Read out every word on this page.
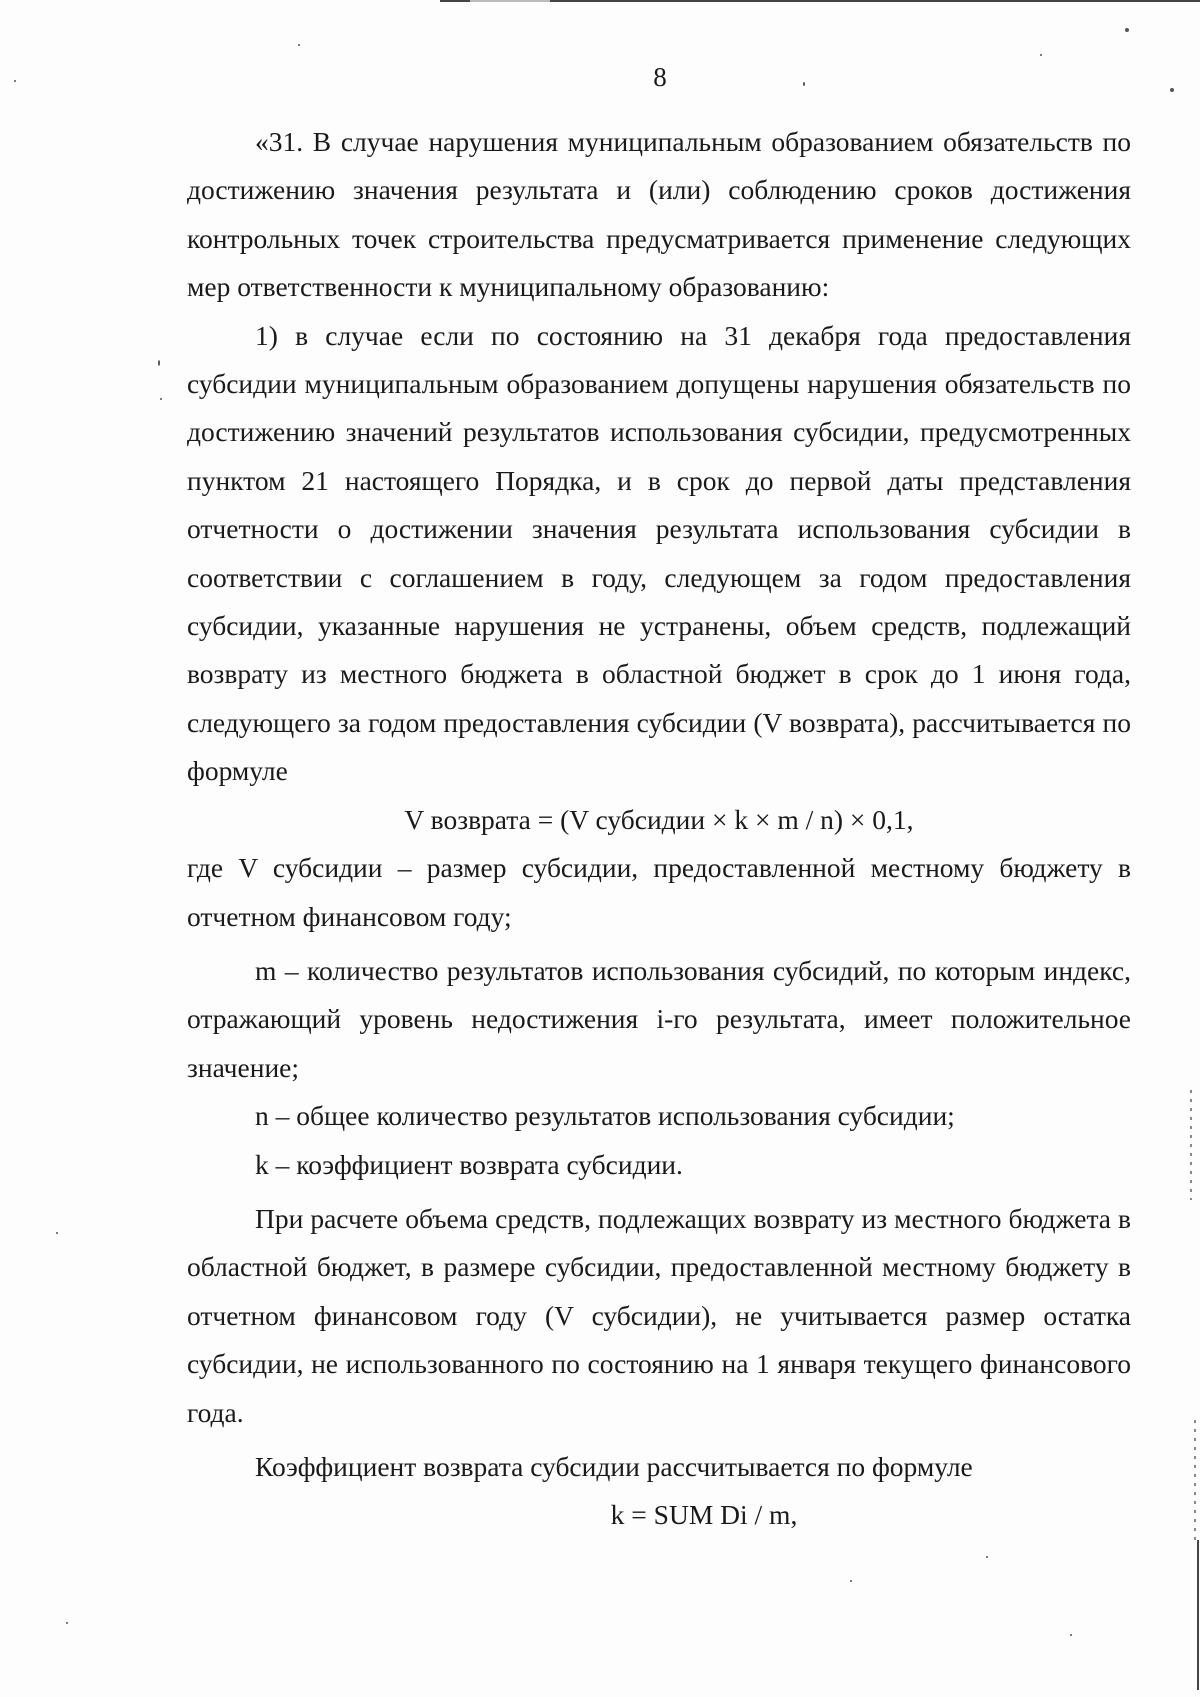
8

«31. В случае нарушения муниципальным образованием обязательств по достижению значения результата и (или) соблюдению сроков достижения контрольных точек строительства предусматривается применение следующих мер ответственности к муниципальному образованию:

1) в случае если по состоянию на 31 декабря года предоставления субсидии муниципальным образованием допущены нарушения обязательств по достижению значений результатов использования субсидии, предусмотренных пунктом 21 настоящего Порядка, и в срок до первой даты представления отчетности о достижении значения результата использования субсидии в соответствии с соглашением в году, следующем за годом предоставления субсидии, указанные нарушения не устранены, объем средств, подлежащий возврату из местного бюджета в областной бюджет в срок до 1 июня года, следующего за годом предоставления субсидии (V возврата), рассчитывается по формуле

V возврата = (V субсидии × k × m / n) × 0,1,

где V субсидии – размер субсидии, предоставленной местному бюджету в отчетном финансовом году;

m – количество результатов использования субсидий, по которым индекс, отражающий уровень недостижения i-го результата, имеет положительное значение;

n – общее количество результатов использования субсидии;

k – коэффициент возврата субсидии.

При расчете объема средств, подлежащих возврату из местного бюджета в областной бюджет, в размере субсидии, предоставленной местному бюджету в отчетном финансовом году (V субсидии), не учитывается размер остатка субсидии, не использованного по состоянию на 1 января текущего финансового года.

Коэффициент возврата субсидии рассчитывается по формуле

k = SUM Di / m,
